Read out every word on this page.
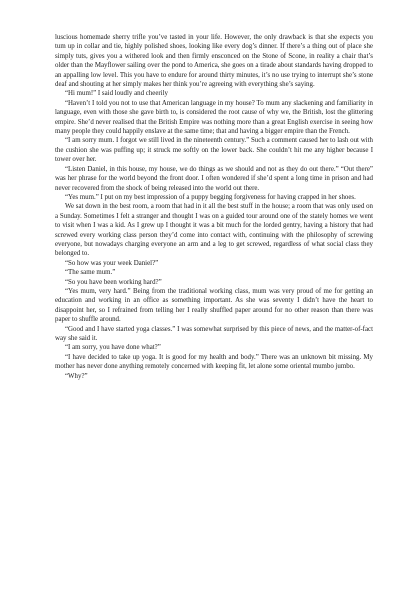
luscious homemade sherry trifle you’ve tasted in your life. However, the only drawback is that she expects you tum up in collar and tie, highly polished shoes, looking like every dog’s dinner. If there’s a thing out of place she simply tuts, gives you a withered look and then firmly ensconced on the Stone of Scone, in reality a chair that’s older than the Mayflower sailing over the pond to America, she goes on a tirade about standards having dropped to an appalling low level. This you have to endure for around thirty minutes, it’s no use trying to interrupt she’s stone deaf and shouting at her simply makes her think you’re agreeing with everything she’s saying.

“Hi mum!” I said loudly and cheerily

“Haven’t I told you not to use that American language in my house? To mum any slackening and familiarity in language, even with those she gave birth to, is considered the root cause of why we, the British, lost the glittering empire. She’d never realised that the British Empire was nothing more than a great English exercise in seeing how many people they could happily enslave at the same time; that and having a bigger empire than the French.

“I am sorry mum. I forgot we still lived in the nineteenth century.” Such a comment caused her to lash out with the cushion she was puffing up; it struck me softly on the lower back. She couldn’t hit me any higher because I tower over her.

“Listen Daniel, in this house, my house, we do things as we should and not as they do out there.” “Out there” was her phrase for the world beyond the front door. I often wondered if she’d spent a long time in prison and had never recovered from the shock of being released into the world out there.

“Yes mum.” I put on my best impression of a puppy begging forgiveness for having crapped in her shoes.

We sat down in the best room, a room that had in it all the best stuff in the house; a room that was only used on a Sunday. Sometimes I felt a stranger and thought I was on a guided tour around one of the stately homes we went to visit when I was a kid. As I grew up I thought it was a bit much for the lorded gentry, having a history that had screwed every working class person they’d come into contact with, continuing with the philosophy of screwing everyone, but nowadays charging everyone an arm and a leg to get screwed, regardless of what social class they belonged to.

“So how was your week Daniel?”

“The same mum.”

“So you have been working hard?”

“Yes mum, very hard.” Being from the traditional working class, mum was very proud of me for getting an education and working in an office as something important. As she was seventy I didn’t have the heart to disappoint her, so I refrained from telling her I really shuffled paper around for no other reason than there was paper to shuffle around.

“Good and I have started yoga classes.” I was somewhat surprised by this piece of news, and the matter-of-fact way she said it.

“I am sorry, you have done what?”

“I have decided to take up yoga. It is good for my health and body.” There was an unknown bit missing. My mother has never done anything remotely concerned with keeping fit, let alone some oriental mumbo jumbo.

“Why?”
